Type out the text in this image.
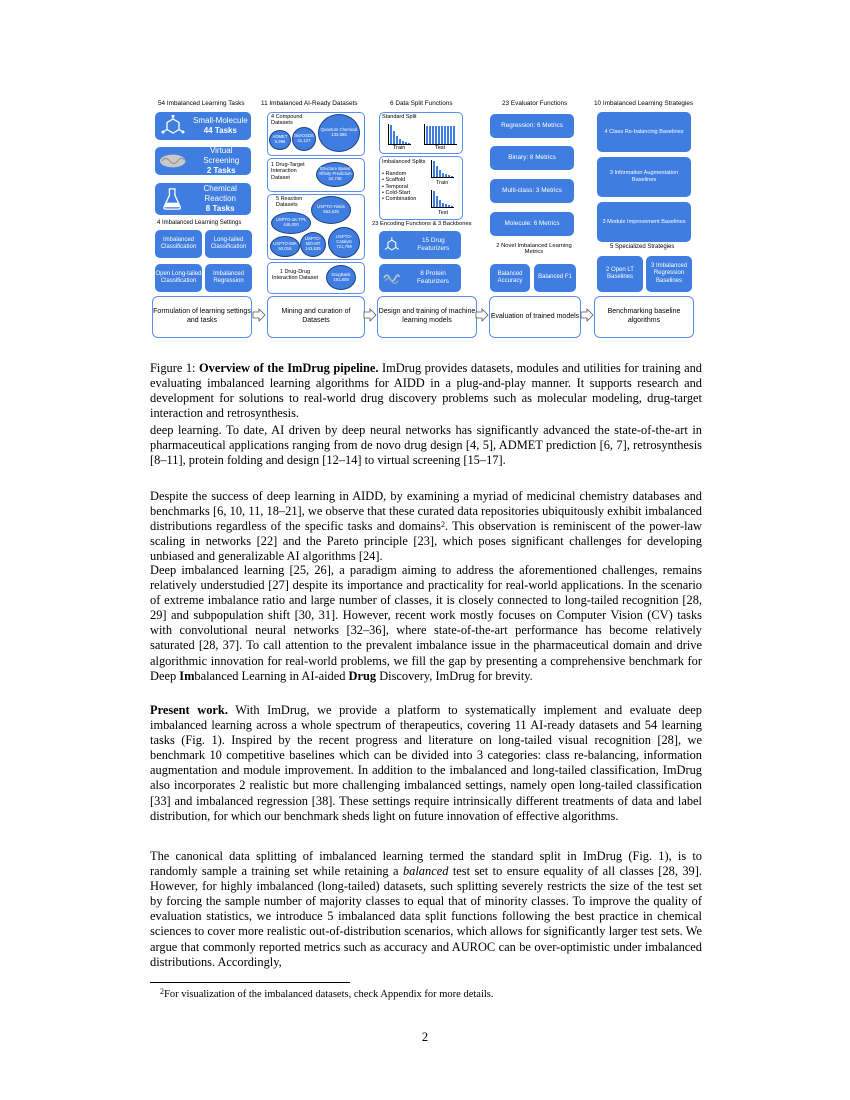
54 Imbalanced Learning Tasks	11 Imbalanced AI-Ready Datasets	6 Data Split Functions	23 Evaluator Functions	10 Imbalanced Learning Strategies
Small-Molecule
44 Tasks
Virtual Screening
2 Tasks
Chemical Reaction
8 Tasks
4 Imbalanced Learning Settings
Imbalanced Classification
Long-tailed Classification
Open Long-tailed Classification
Imbalanced Regression
4 Compound Datasets
ADMET 5,986
BioIOSDS 41,127
Quantum Chemical 133,885
1 Drug-Target Interaction Dataset
Structure Based Affinity Prediction 32,748
5 Reaction Datasets	USPTO-Yields 853,638
USPTO-1K-TPL 445,000
USPTO-500-MT 143,535
USPTO-50K 50,016
USPTO-Catalyst 721,799
1 Drug-Drug Interaction Dataset
DrugBank 191,808
Standard Split
Train	Test
Imbalanced Splits
• Random
• Scaffold
• Temporal
• Cold-Start
• Combination
Train
Test
23 Encoding Functions & 3 Backbones
15 Drug Featurizers
8 Protein Featurizers
Regression: 6 Metrics
Binary: 8 Metrics
Multi-class: 3 Metrics
Molecule: 6 Metrics
2 Novel Imbalanced Learning Metrics
Balanced Accuracy
Balanced F1
4 Class Re-balancing Baselines
3 Information Augmentation Baselines
3 Module Improvement Baselines
5 Specialized Strategies
2 Open LT Baselines
3 Imbalanced Regression Baselines
Formulation of learning settings and tasks
Mining and curation of Datasets
Design and training of machine learning models
Evaluation of trained models
Benchmarking baseline algorithms
Figure 1: Overview of the ImDrug pipeline. ImDrug provides datasets, modules and utilities for training and evaluating imbalanced learning algorithms for AIDD in a plug-and-play manner. It supports research and development for solutions to real-world drug discovery problems such as molecular modeling, drug-target interaction and retrosynthesis.
deep learning. To date, AI driven by deep neural networks has significantly advanced the state-of-the-art in pharmaceutical applications ranging from de novo drug design [4, 5], ADMET prediction [6, 7], retrosynthesis [8–11], protein folding and design [12–14] to virtual screening [15–17].
Despite the success of deep learning in AIDD, by examining a myriad of medicinal chemistry databases and benchmarks [6, 10, 11, 18–21], we observe that these curated data repositories ubiquitously exhibit imbalanced distributions regardless of the specific tasks and domains$^2$. This observation is reminiscent of the power-law scaling in networks [22] and the Pareto principle [23], which poses significant challenges for developing unbiased and generalizable AI algorithms [24].
Deep imbalanced learning [25, 26], a paradigm aiming to address the aforementioned challenges, remains relatively understudied [27] despite its importance and practicality for real-world applications. In the scenario of extreme imbalance ratio and large number of classes, it is closely connected to long-tailed recognition [28, 29] and subpopulation shift [30, 31]. However, recent work mostly focuses on Computer Vision (CV) tasks with convolutional neural networks [32–36], where state-of-the-art performance has become relatively saturated [28, 37]. To call attention to the prevalent imbalance issue in the pharmaceutical domain and drive algorithmic innovation for real-world problems, we fill the gap by presenting a comprehensive benchmark for Deep Imbalanced Learning in AI-aided Drug Discovery, ImDrug for brevity.
Present work. With ImDrug, we provide a platform to systematically implement and evaluate deep imbalanced learning across a whole spectrum of therapeutics, covering 11 AI-ready datasets and 54 learning tasks (Fig. 1). Inspired by the recent progress and literature on long-tailed visual recognition [28], we benchmark 10 competitive baselines which can be divided into 3 categories: class re-balancing, information augmentation and module improvement. In addition to the imbalanced and long-tailed classification, ImDrug also incorporates 2 realistic but more challenging imbalanced settings, namely open long-tailed classification [33] and imbalanced regression [38]. These settings require intrinsically different treatments of data and label distribution, for which our benchmark sheds light on future innovation of effective algorithms.
The canonical data splitting of imbalanced learning termed the standard split in ImDrug (Fig. 1), is to randomly sample a training set while retaining a balanced test set to ensure equality of all classes [28, 39]. However, for highly imbalanced (long-tailed) datasets, such splitting severely restricts the size of the test set by forcing the sample number of majority classes to equal that of minority classes. To improve the quality of evaluation statistics, we introduce 5 imbalanced data split functions following the best practice in chemical sciences to cover more realistic out-of-distribution scenarios, which allows for significantly larger test sets. We argue that commonly reported metrics such as accuracy and AUROC can be over-optimistic under imbalanced distributions. Accordingly,
$^2$For visualization of the imbalanced datasets, check Appendix for more details.
2
